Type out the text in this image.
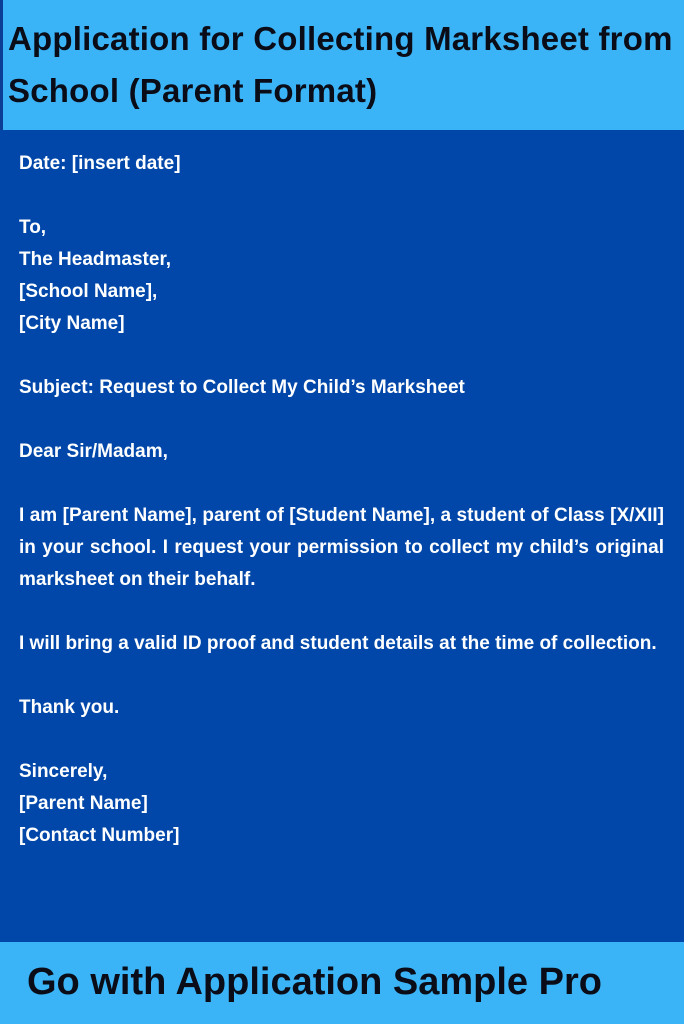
Application for Collecting Marksheet from School (Parent Format)

Date: [insert date]

To,

The Headmaster,

[School Name],

[City Name]

Subject: Request to Collect My Child’s Marksheet

Dear Sir/Madam,

I am [Parent Name], parent of [Student Name], a student of Class [X/XII] in your school. I request your permission to collect my child’s original marksheet on their behalf.

I will bring a valid ID proof and student details at the time of collection.

Thank you.

Sincerely,

[Parent Name]

[Contact Number]

Go with Application Sample Pro
